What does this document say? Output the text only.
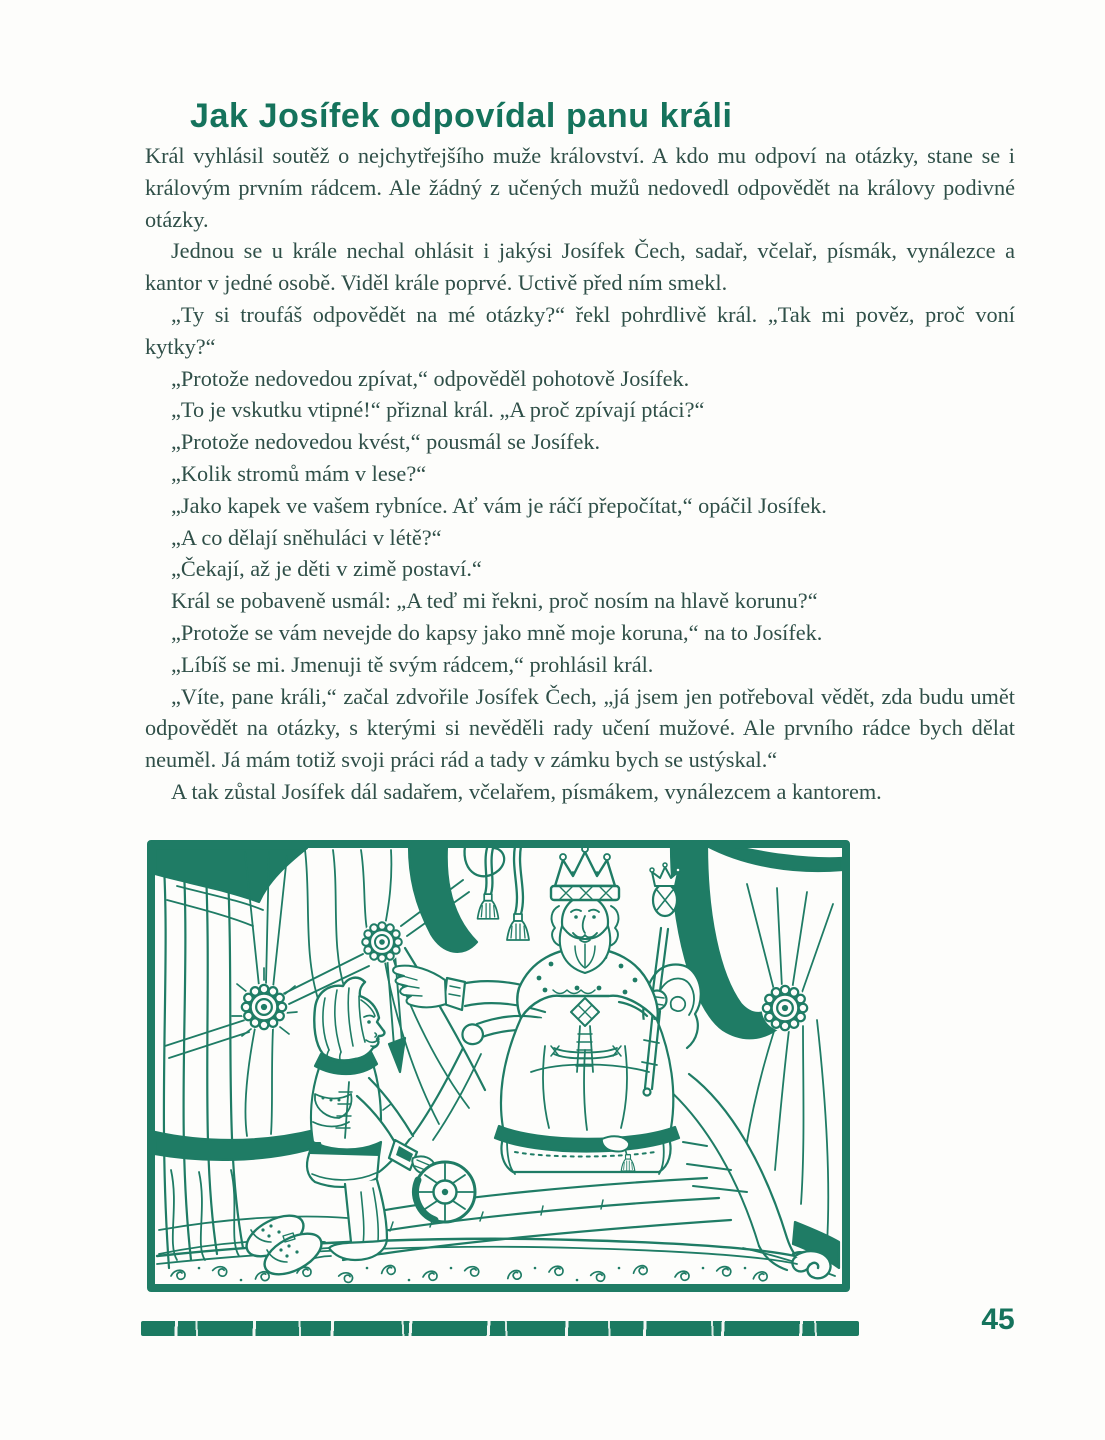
Jak Josífek odpovídal panu králi

Král vyhlásil soutěž o nejchytřejšího muže království. A kdo mu odpoví na otázky, stane se i královým prvním rádcem. Ale žádný z učených mužů nedovedl odpovědět na královy podivné otázky.

Jednou se u krále nechal ohlásit i jakýsi Josífek Čech, sadař, včelař, písmák, vynálezce a kantor v jedné osobě. Viděl krále poprvé. Uctivě před ním smekl.

„Ty si troufáš odpovědět na mé otázky?“ řekl pohrdlivě král. „Tak mi pověz, proč voní kytky?“

„Protože nedovedou zpívat,“ odpověděl pohotově Josífek.

„To je vskutku vtipné!“ přiznal král. „A proč zpívají ptáci?“

„Protože nedovedou kvést,“ pousmál se Josífek.

„Kolik stromů mám v lese?“

„Jako kapek ve vašem rybníce. Ať vám je ráčí přepočítat,“ opáčil Josífek.

„A co dělají sněhuláci v létě?“

„Čekají, až je děti v zimě postaví.“

Král se pobaveně usmál: „A teď mi řekni, proč nosím na hlavě korunu?“

„Protože se vám nevejde do kapsy jako mně moje koruna,“ na to Josífek.

„Líbíš se mi. Jmenuji tě svým rádcem,“ prohlásil král.

„Víte, pane králi,“ začal zdvořile Josífek Čech, „já jsem jen potřeboval vědět, zda budu umět odpovědět na otázky, s kterými si nevěděli rady učení mužové. Ale prvního rádce bych dělat neuměl. Já mám totiž svoji práci rád a tady v zámku bych se ustýskal.“

A tak zůstal Josífek dál sadařem, včelařem, písmákem, vynálezcem a kantorem.

45
